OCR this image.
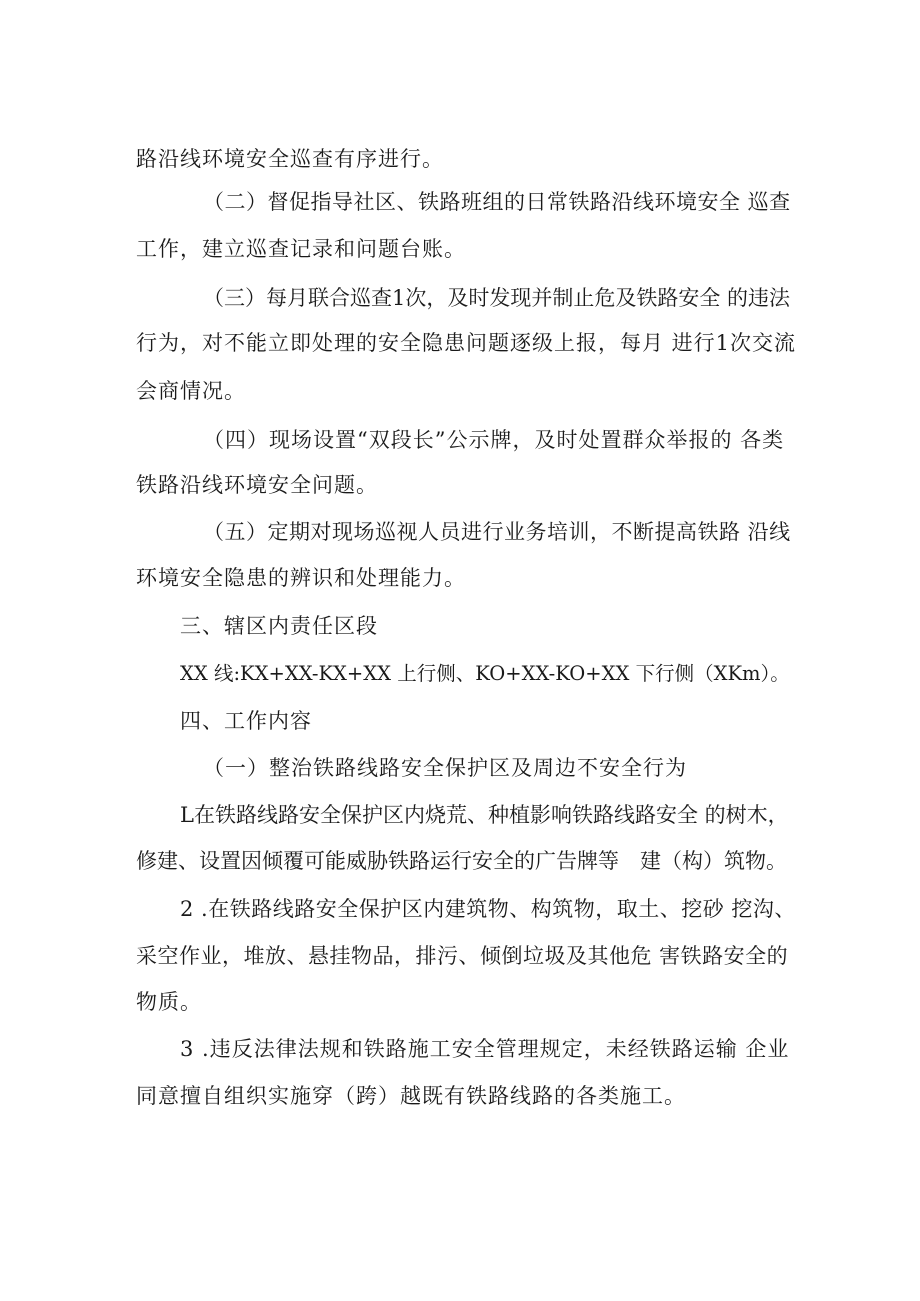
路沿线环境安全巡查有序进行。
（二）督促指导社区、铁路班组的日常铁路沿线环境安全 巡查
工作，建立巡查记录和问题台账。
（三）每月联合巡查1次，及时发现并制止危及铁路安全 的违法
行为，对不能立即处理的安全隐患问题逐级上报，每月 进行1次交流
会商情况。
（四）现场设置“双段长”公示牌，及时处置群众举报的 各类
铁路沿线环境安全问题。
（五）定期对现场巡视人员进行业务培训，不断提高铁路 沿线
环境安全隐患的辨识和处理能力。
三、辖区内责任区段
XX 线:KX+XX-KX+XX 上行侧、KO+XX-KO+XX 下行侧（XKm）。
四、工作内容
（一）整治铁路线路安全保护区及周边不安全行为
L在铁路线路安全保护区内烧荒、种植影响铁路线路安全 的树木，
修建、设置因倾覆可能威胁铁路运行安全的广告牌等　建（构）筑物。
2 .在铁路线路安全保护区内建筑物、构筑物，取土、挖砂 挖沟、
采空作业，堆放、悬挂物品，排污、倾倒垃圾及其他危 害铁路安全的
物质。
3 .违反法律法规和铁路施工安全管理规定，未经铁路运输 企业
同意擅自组织实施穿（跨）越既有铁路线路的各类施工。
